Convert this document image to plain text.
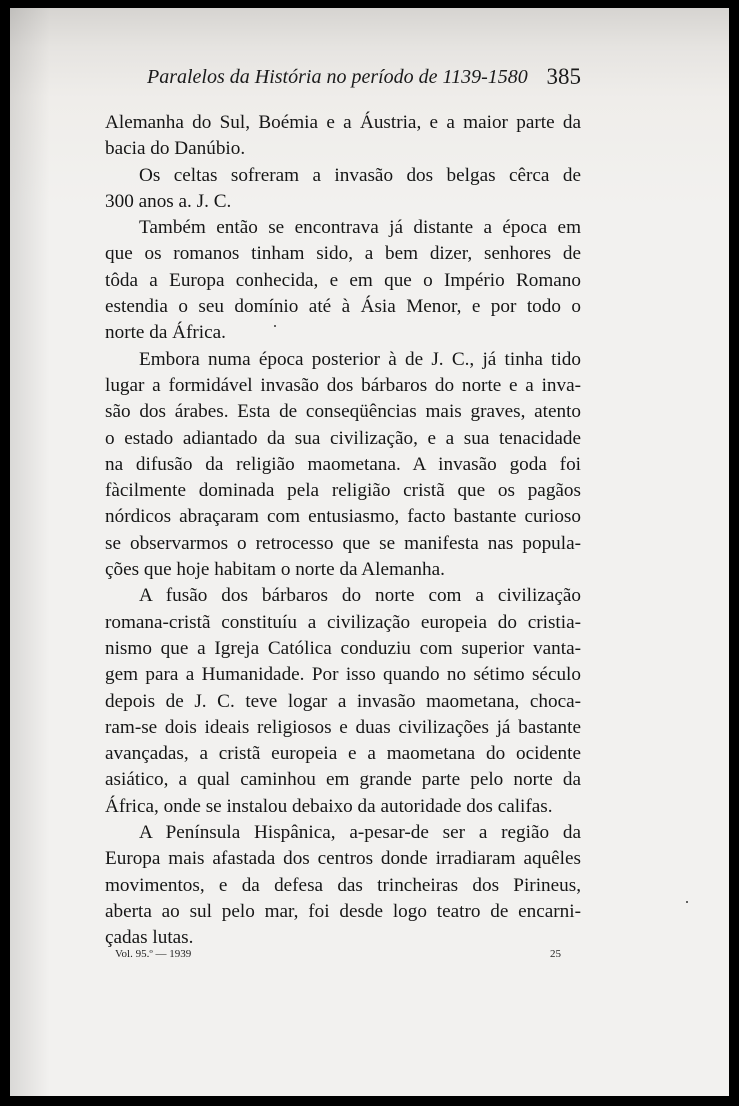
Paralelos da História no período de 1139-1580 385
Alemanha do Sul, Boémia e a Áustria, e a maior parte da
bacia do Danúbio.
Os celtas sofreram a invasão dos belgas cêrca de
300 anos a. J. C.
Também então se encontrava já distante a época em
que os romanos tinham sido, a bem dizer, senhores de
tôda a Europa conhecida, e em que o Império Romano
estendia o seu domínio até à Ásia Menor, e por todo o
norte da África.
Embora numa época posterior à de J. C., já tinha tido
lugar a formidável invasão dos bárbaros do norte e a inva-
são dos árabes. Esta de conseqüências mais graves, atento
o estado adiantado da sua civilização, e a sua tenacidade
na difusão da religião maometana. A invasão goda foi
fàcilmente dominada pela religião cristã que os pagãos
nórdicos abraçaram com entusiasmo, facto bastante curioso
se observarmos o retrocesso que se manifesta nas popula-
ções que hoje habitam o norte da Alemanha.
A fusão dos bárbaros do norte com a civilização
romana-cristã constituíu a civilização europeia do cristia-
nismo que a Igreja Católica conduziu com superior vanta-
gem para a Humanidade. Por isso quando no sétimo século
depois de J. C. teve logar a invasão maometana, choca-
ram-se dois ideais religiosos e duas civilizações já bastante
avançadas, a cristã europeia e a maometana do ocidente
asiático, a qual caminhou em grande parte pelo norte da
África, onde se instalou debaixo da autoridade dos califas.
A Península Hispânica, a-pesar-de ser a região da
Europa mais afastada dos centros donde irradiaram aquêles
movimentos, e da defesa das trincheiras dos Pirineus,
aberta ao sul pelo mar, foi desde logo teatro de encarni-
çadas lutas.
Vol. 95.º — 1939	25
